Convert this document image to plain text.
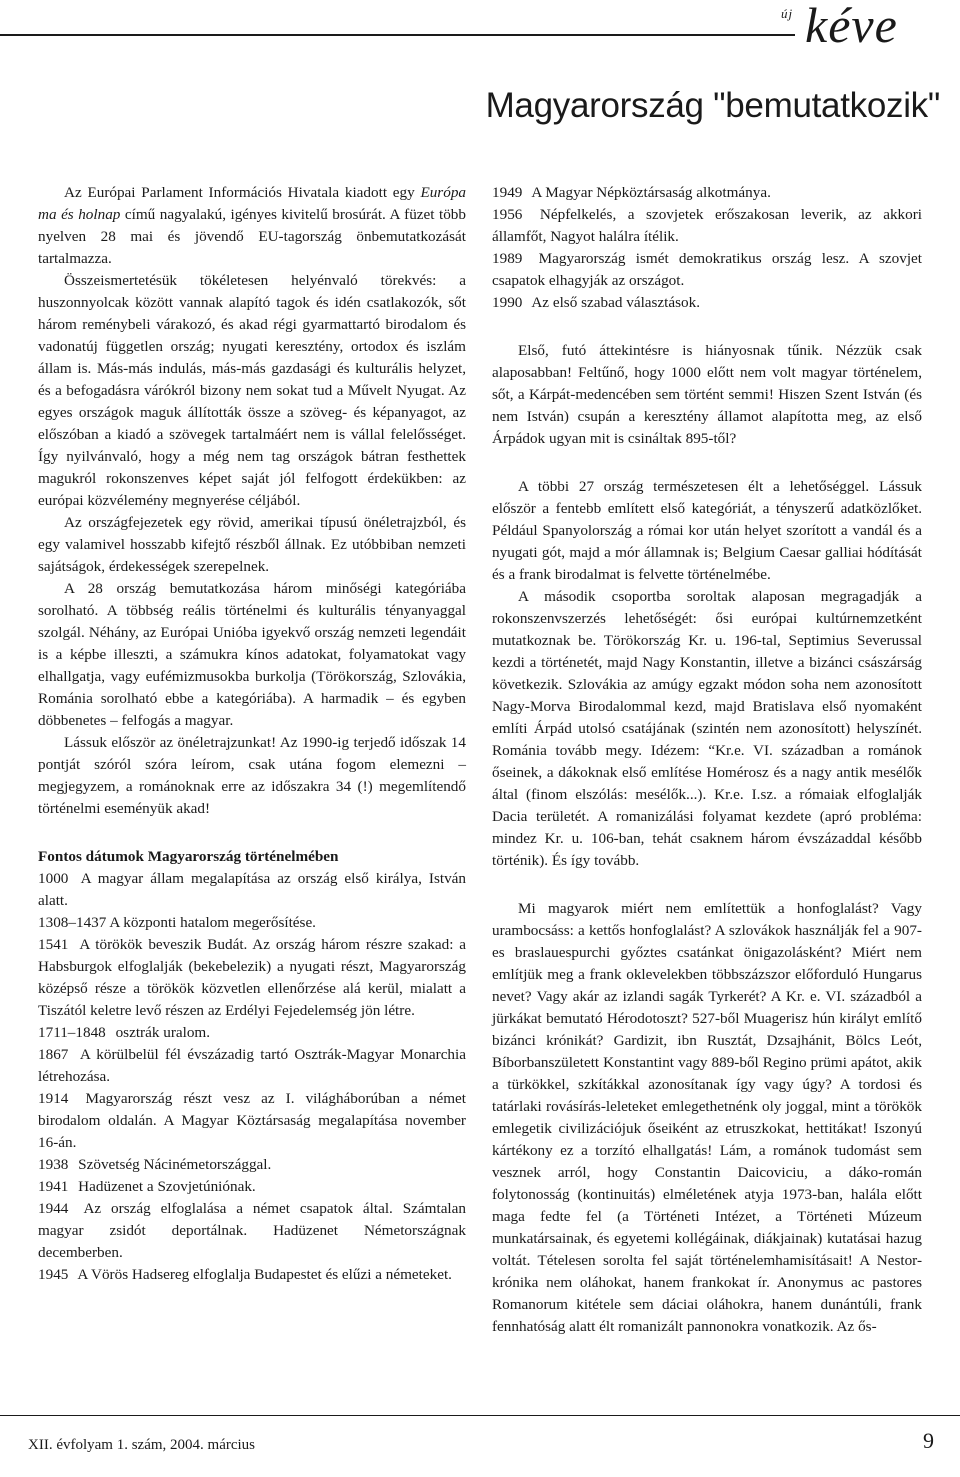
új kéve
Magyarország "bemutatkozik"

Az Európai Parlament Információs Hivatala kiadott egy Európa ma és holnap című nagyalakú, igényes kivitelű brosúrát. A füzet több nyelven 28 mai és jövendő EU-tagország önbemutatkozását tartalmazza.

Összeismertetésük tökéletesen helyénvaló törekvés: a huszonnyolcak között vannak alapító tagok és idén csatlakozók, sőt három reménybeli várakozó, és akad régi gyarmattartó birodalom és vadonatúj független ország; nyugati keresztény, ortodox és iszlám állam is. Más-más indulás, más-más gazdasági és kulturális helyzet, és a befogadásra várókról bizony nem sokat tud a Művelt Nyugat. Az egyes országok maguk állították össze a szöveg- és képanyagot, az előszóban a kiadó a szövegek tartalmáért nem is vállal felelősséget. Így nyilvánvaló, hogy a még nem tag országok bátran festhettek magukról rokonszenves képet saját jól felfogott érdekükben: az európai közvélemény megnyerése céljából.

Az országfejezetek egy rövid, amerikai típusú önéletrajzból, és egy valamivel hosszabb kifejtő részből állnak. Ez utóbbiban nemzeti sajátságok, érdekességek szerepelnek.

A 28 ország bemutatkozása három minőségi kategóriába sorolható. A többség reális történelmi és kulturális tényanyaggal szolgál. Néhány, az Európai Unióba igyekvő ország nemzeti legendáit is a képbe illeszti, a számukra kínos adatokat, folyamatokat vagy elhallgatja, vagy eufémizmusokba burkolja (Törökország, Szlovákia, Románia sorolható ebbe a kategóriába). A harmadik – és egyben döbbenetes – felfogás a magyar.

Lássuk először az önéletrajzunkat! Az 1990-ig terjedő időszak 14 pontját szóról szóra leírom, csak utána fogom elemezni – megjegyzem, a románoknak erre az időszakra 34 (!) megemlítendő történelmi eseményük akad!

Fontos dátumok Magyarország történelmében

1000 A magyar állam megalapítása az ország első királya, István alatt.

1308–1437 A központi hatalom megerősítése.

1541 A törökök beveszik Budát. Az ország három részre szakad: a Habsburgok elfoglalják (bekebelezik) a nyugati részt, Magyarország középső része a törökök közvetlen ellenőrzése alá kerül, mialatt a Tiszától keletre levő részen az Erdélyi Fejedelemség jön létre.

1711–1848 osztrák uralom.

1867 A körülbelül fél évszázadig tartó Osztrák-Magyar Monarchia létrehozása.

1914 Magyarország részt vesz az I. világháborúban a német birodalom oldalán. A Magyar Köztársaság megalapítása november 16-án.

1938 Szövetség Nácinémetországgal.

1941 Hadüzenet a Szovjetúniónak.

1944 Az ország elfoglalása a német csapatok által. Számtalan magyar zsidót deportálnak. Hadüzenet Németországnak decemberben.

1945 A Vörös Hadsereg elfoglalja Budapestet és elűzi a németeket.

1949 A Magyar Népköztársaság alkotmánya.

1956 Népfelkelés, a szovjetek erőszakosan leverik, az akkori államfőt, Nagyot halálra ítélik.

1989 Magyarország ismét demokratikus ország lesz. A szovjet csapatok elhagyják az országot.

1990 Az első szabad választások.

Első, futó áttekintésre is hiányosnak tűnik. Nézzük csak alaposabban! Feltűnő, hogy 1000 előtt nem volt magyar történelem, sőt, a Kárpát-medencében sem történt semmi! Hiszen Szent István (és nem István) csupán a keresztény államot alapította meg, az első Árpádok ugyan mit is csináltak 895-től?

A többi 27 ország természetesen élt a lehetőséggel. Lássuk először a fentebb említett első kategóriát, a tényszerű adatközlőket. Például Spanyolország a római kor után helyet szorított a vandál és a nyugati gót, majd a mór államnak is; Belgium Caesar galliai hódítását és a frank birodalmat is felvette történelmébe.

A második csoportba soroltak alaposan megragadják a rokonszenvszerzés lehetőségét: ősi európai kultúrnemzetként mutatkoznak be. Törökország Kr. u. 196-tal, Septimius Severussal kezdi a történetét, majd Nagy Konstantin, illetve a bizánci császárság következik. Szlovákia az amúgy egzakt módon soha nem azonosított Nagy-Morva Birodalommal kezd, majd Bratislava első nyomaként említi Árpád utolsó csatájának (szintén nem azonosított) helyszínét. Románia tovább megy. Idézem: “Kr.e. VI. században a románok őseinek, a dákoknak első említése Homérosz és a nagy antik mesélők által (finom elszólás: mesélők...). Kr.e. I.sz. a rómaiak elfoglalják Dacia területét. A romanizálási folyamat kezdete (apró probléma: mindez Kr. u. 106-ban, tehát csaknem három évszázaddal később történik). És így tovább.

Mi magyarok miért nem említettük a honfoglalást? Vagy urambocsáss: a kettős honfoglalást? A szlovákok használják fel a 907-es braslauespurchi győztes csatánkat önigazolásként? Miért nem említjük meg a frank oklevelekben többszázszor előforduló Hungarus nevet? Vagy akár az izlandi sagák Tyrkerét? A Kr. e. VI. századból a jürkákat bemutató Hérodotoszt? 527-ből Muagerisz hún királyt említő bizánci krónikát? Gardizit, ibn Rusztát, Dzsajhánit, Bölcs Leót, Bíborbanszületett Konstantint vagy 889-ből Regino prümi apátot, akik a türkökkel, szkítákkal azonosítanak így vagy úgy? A tordosi és tatárlaki rovásírás-leleteket emlegethetnénk oly joggal, mint a törökök emlegetik civilizációjuk őseiként az etruszkokat, hettitákat! Iszonyú kártékony ez a torzító elhallgatás! Lám, a románok tudomást sem vesznek arról, hogy Constantin Daicoviciu, a dáko-román folytonosság (kontinuitás) elméletének atyja 1973-ban, halála előtt maga fedte fel (a Történeti Intézet, a Történeti Múzeum munkatársainak, és egyetemi kollégáinak, diákjainak) kutatásai hazug voltát. Tételesen sorolta fel saját történelemhamisításait! A Nestor-krónika nem oláhokat, hanem frankokat ír. Anonymus ac pastores Romanorum kitétele sem dáciai oláhokra, hanem dunántúli, frank fennhatóság alatt élt romanizált pannonokra vonatkozik. Az ős-

XII. évfolyam 1. szám, 2004. március	9
